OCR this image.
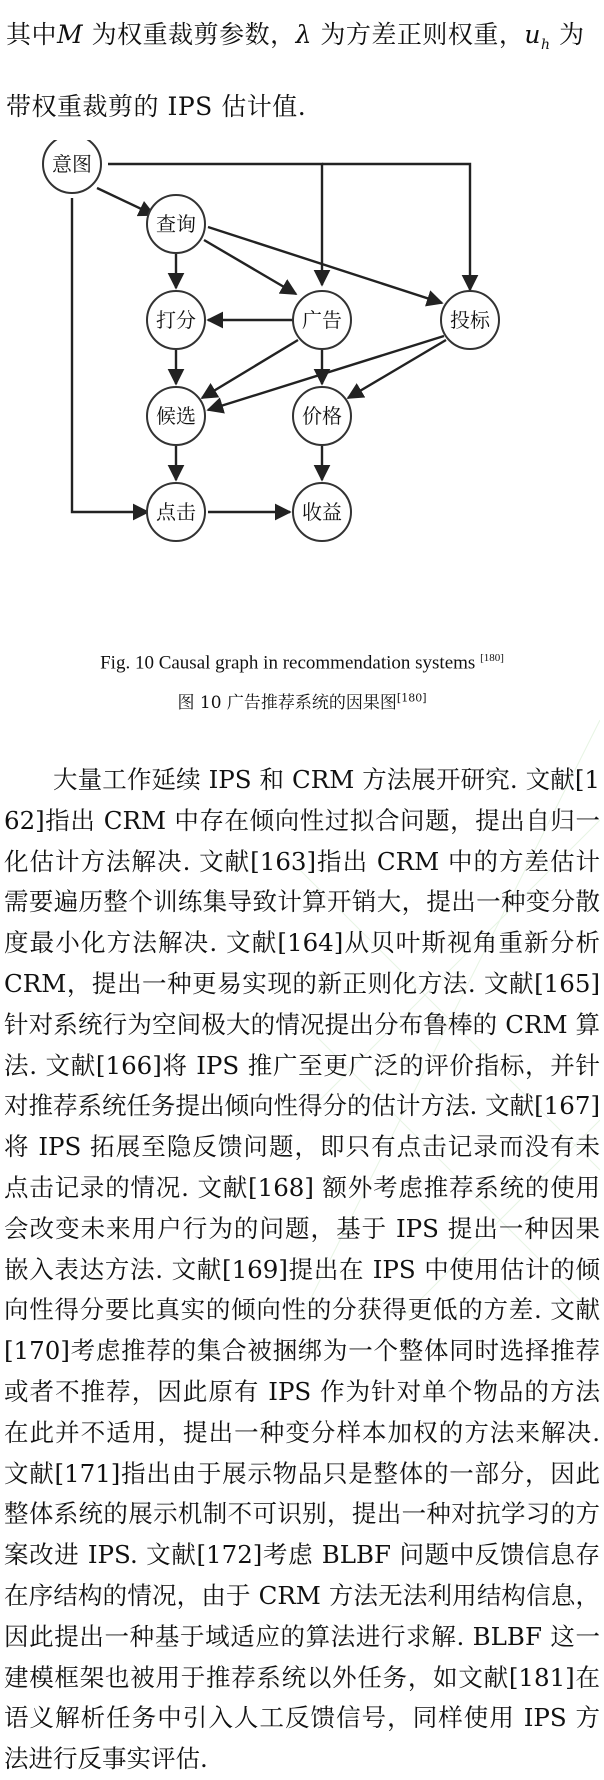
其中M 为权重裁剪参数，λ 为方差正则权重，$u_h$ 为带权重裁剪的 IPS 估计值.
意图
查询
打分	广告	投标
候选	价格
点击	收益
Fig. 10 Causal graph in recommendation systems [180]
图 10 广告推荐系统的因果图[180]
大量工作延续 IPS 和 CRM 方法展开研究. 文献[162]指出 CRM 中存在倾向性过拟合问题，提出自归一化估计方法解决. 文献[163]指出 CRM 中的方差估计需要遍历整个训练集导致计算开销大，提出一种变分散度最小化方法解决. 文献[164]从贝叶斯视角重新分析 CRM，提出一种更易实现的新正则化方法. 文献[165]针对系统行为空间极大的情况提出分布鲁棒的 CRM 算法. 文献[166]将 IPS 推广至更广泛的评价指标，并针对推荐系统任务提出倾向性得分的估计方法. 文献[167]将 IPS 拓展至隐反馈问题，即只有点击记录而没有未点击记录的情况. 文献[168] 额外考虑推荐系统的使用会改变未来用户行为的问题，基于 IPS 提出一种因果嵌入表达方法. 文献[169]提出在 IPS 中使用估计的倾向性得分要比真实的倾向性的分获得更低的方差. 文献[170]考虑推荐的集合被捆绑为一个整体同时选择推荐或者不推荐，因此原有 IPS 作为针对单个物品的方法在此并不适用，提出一种变分样本加权的方法来解决. 文献[171]指出由于展示物品只是整体的一部分，因此整体系统的展示机制不可识别，提出一种对抗学习的方案改进 IPS. 文献[172]考虑 BLBF 问题中反馈信息存在序结构的情况，由于 CRM 方法无法利用结构信息，因此提出一种基于域适应的算法进行求解. BLBF 这一建模框架也被用于推荐系统以外任务，如文献[181]在语义解析任务中引入人工反馈信号，同样使用 IPS 方法进行反事实评估.
